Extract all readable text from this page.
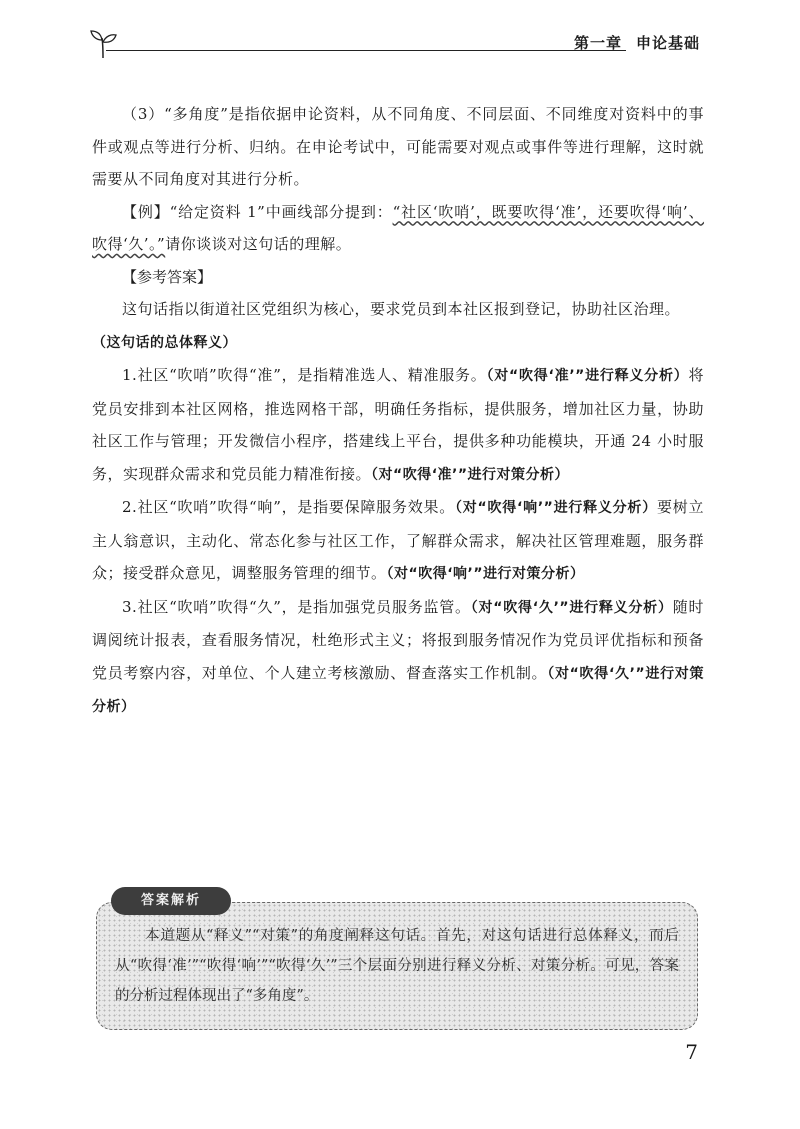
第一章 申论基础

（3）“多角度”是指依据申论资料，从不同角度、不同层面、不同维度对资料中的事件或观点等进行分析、归纳。在申论考试中，可能需要对观点或事件等进行理解，这时就需要从不同角度对其进行分析。

【例】“给定资料 1”中画线部分提到：“社区‘吹哨’，既要吹得‘准’，还要吹得‘响’、吹得‘久’。”请你谈谈对这句话的理解。

【参考答案】

这句话指以街道社区党组织为核心，要求党员到本社区报到登记，协助社区治理。
（这句话的总体释义）

1.社区“吹哨”吹得“准”，是指精准选人、精准服务。（对“吹得‘准’”进行释义分析）将党员安排到本社区网格，推选网格干部，明确任务指标，提供服务，增加社区力量，协助社区工作与管理；开发微信小程序，搭建线上平台，提供多种功能模块，开通 24 小时服务，实现群众需求和党员能力精准衔接。（对“吹得‘准’”进行对策分析）

2.社区“吹哨”吹得“响”，是指要保障服务效果。（对“吹得‘响’”进行释义分析）要树立主人翁意识，主动化、常态化参与社区工作，了解群众需求，解决社区管理难题，服务群众；接受群众意见，调整服务管理的细节。（对“吹得‘响’”进行对策分析）

3.社区“吹哨”吹得“久”，是指加强党员服务监管。（对“吹得‘久’”进行释义分析）随时调阅统计报表，查看服务情况，杜绝形式主义；将报到服务情况作为党员评优指标和预备党员考察内容，对单位、个人建立考核激励、督查落实工作机制。（对“吹得‘久’”进行对策分析）

答案解析
本道题从“释义”“对策”的角度阐释这句话。首先，对这句话进行总体释义，而后从“吹得‘准’”“吹得‘响’”“吹得‘久’”三个层面分别进行释义分析、对策分析。可见，答案的分析过程体现出了“多角度”。
7
